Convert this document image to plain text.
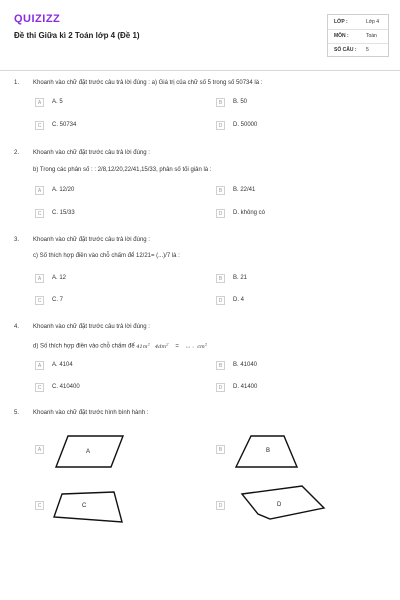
QUIZIZZ
Đề thi Giữa kì 2 Toán lớp 4 (Đề 1)
LỚP :	Lớp 4
MÔN :	Toán
SỐ CÂU : 5
1. Khoanh vào chữ đặt trước câu trả lời đúng : a) Giá trị của chữ số 5 trong số 50734 là :
A	A. 5	B	B. 50
C	C. 50734	D	D. 50000
2. Khoanh vào chữ đặt trước câu trả lời đúng :
b) Trong các phân số : : 2/8,12/20,22/41,15/33, phân số tối giản là :
A	A. 12/20	B	B. 22/41
C	C. 15/33	D	D. không có
3. Khoanh vào chữ đặt trước câu trả lời đúng :
c) Số thích hợp điền vào chỗ chấm để 12/21= (...)/7 là :
A	A. 12	B	B. 21
C	C. 7	D	D. 4
4. Khoanh vào chữ đặt trước câu trả lời đúng :
d) Số thích hợp điền vào chỗ chấm để $41m^2$   $4dm^2$    = ... . $cm^2$
A	A. 4104	B	B. 41040
C	C. 410400	D	D. 41400
5. Khoanh vào chữ đặt trước hình bình hành :
A	A	B	B
C	C	D	D
